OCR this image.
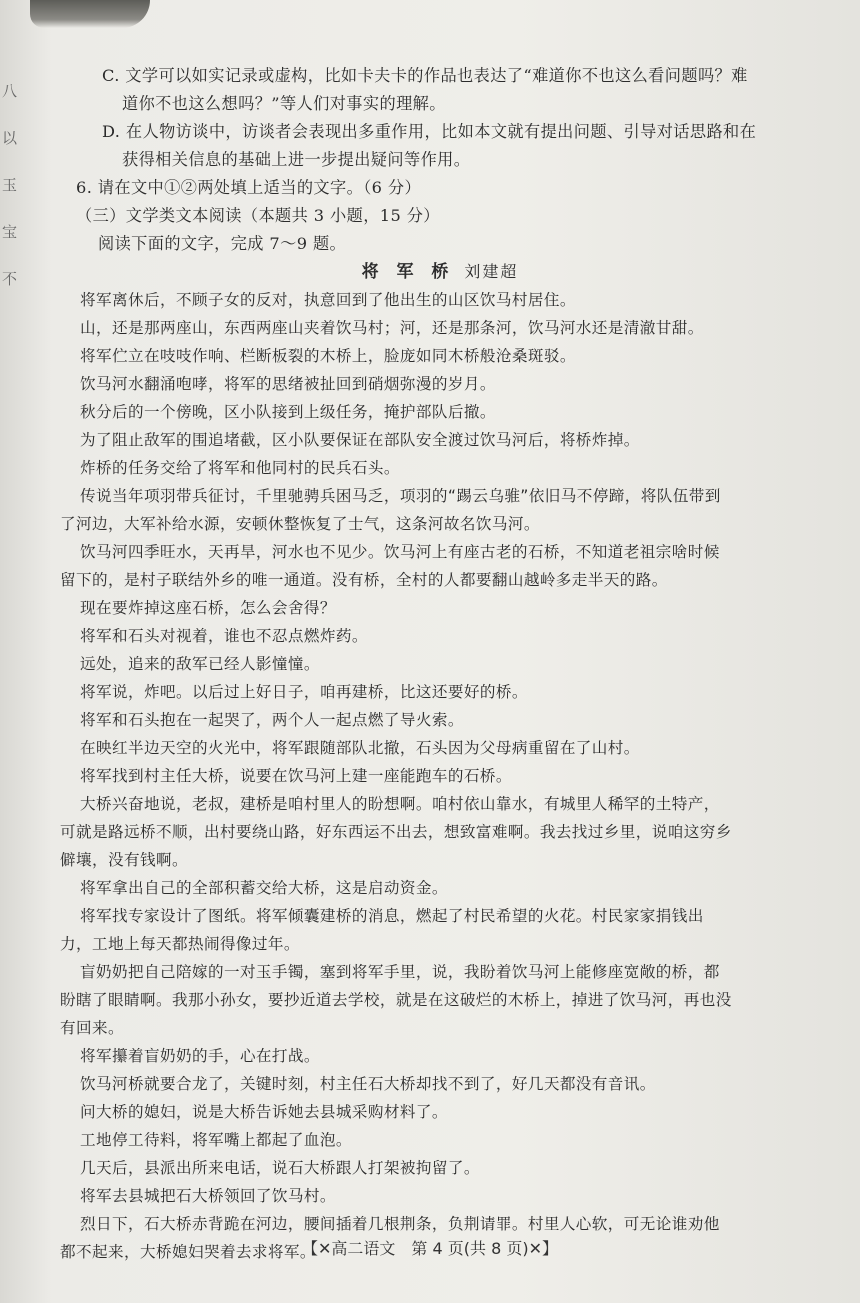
八
以
玉
宝
不
C. 文学可以如实记录或虚构，比如卡夫卡的作品也表达了“难道你不也这么看问题吗？难
道你不也这么想吗？”等人们对事实的理解。
D. 在人物访谈中，访谈者会表现出多重作用，比如本文就有提出问题、引导对话思路和在
获得相关信息的基础上进一步提出疑问等作用。
6. 请在文中①②两处填上适当的文字。（6 分）
（三）文学类文本阅读（本题共 3 小题，15 分）
阅读下面的文字，完成 7～9 题。
将 军 桥 刘建超
将军离休后，不顾子女的反对，执意回到了他出生的山区饮马村居住。
山，还是那两座山，东西两座山夹着饮马村；河，还是那条河，饮马河水还是清澈甘甜。
将军伫立在吱吱作响、栏断板裂的木桥上，脸庞如同木桥般沧桑斑驳。
饮马河水翻涌咆哮，将军的思绪被扯回到硝烟弥漫的岁月。
秋分后的一个傍晚，区小队接到上级任务，掩护部队后撤。
为了阻止敌军的围追堵截，区小队要保证在部队安全渡过饮马河后，将桥炸掉。
炸桥的任务交给了将军和他同村的民兵石头。
传说当年项羽带兵征讨，千里驰骋兵困马乏，项羽的“踢云乌骓”依旧马不停蹄，将队伍带到
了河边，大军补给水源，安顿休整恢复了士气，这条河故名饮马河。
饮马河四季旺水，天再旱，河水也不见少。饮马河上有座古老的石桥，不知道老祖宗啥时候
留下的，是村子联结外乡的唯一通道。没有桥，全村的人都要翻山越岭多走半天的路。
现在要炸掉这座石桥，怎么会舍得？
将军和石头对视着，谁也不忍点燃炸药。
远处，追来的敌军已经人影憧憧。
将军说，炸吧。以后过上好日子，咱再建桥，比这还要好的桥。
将军和石头抱在一起哭了，两个人一起点燃了导火索。
在映红半边天空的火光中，将军跟随部队北撤，石头因为父母病重留在了山村。
将军找到村主任大桥，说要在饮马河上建一座能跑车的石桥。
大桥兴奋地说，老叔，建桥是咱村里人的盼想啊。咱村依山靠水，有城里人稀罕的土特产，
可就是路远桥不顺，出村要绕山路，好东西运不出去，想致富难啊。我去找过乡里，说咱这穷乡
僻壤，没有钱啊。
将军拿出自己的全部积蓄交给大桥，这是启动资金。
将军找专家设计了图纸。将军倾囊建桥的消息，燃起了村民希望的火花。村民家家捐钱出
力，工地上每天都热闹得像过年。
盲奶奶把自己陪嫁的一对玉手镯，塞到将军手里，说，我盼着饮马河上能修座宽敞的桥，都
盼瞎了眼睛啊。我那小孙女，要抄近道去学校，就是在这破烂的木桥上，掉进了饮马河，再也没
有回来。
将军攥着盲奶奶的手，心在打战。
饮马河桥就要合龙了，关键时刻，村主任石大桥却找不到了，好几天都没有音讯。
问大桥的媳妇，说是大桥告诉她去县城采购材料了。
工地停工待料，将军嘴上都起了血泡。
几天后，县派出所来电话，说石大桥跟人打架被拘留了。
将军去县城把石大桥领回了饮马村。
烈日下，石大桥赤背跪在河边，腰间插着几根荆条，负荆请罪。村里人心软，可无论谁劝他
都不起来，大桥媳妇哭着去求将军。
【✕高二语文　第 4 页(共 8 页)✕】
